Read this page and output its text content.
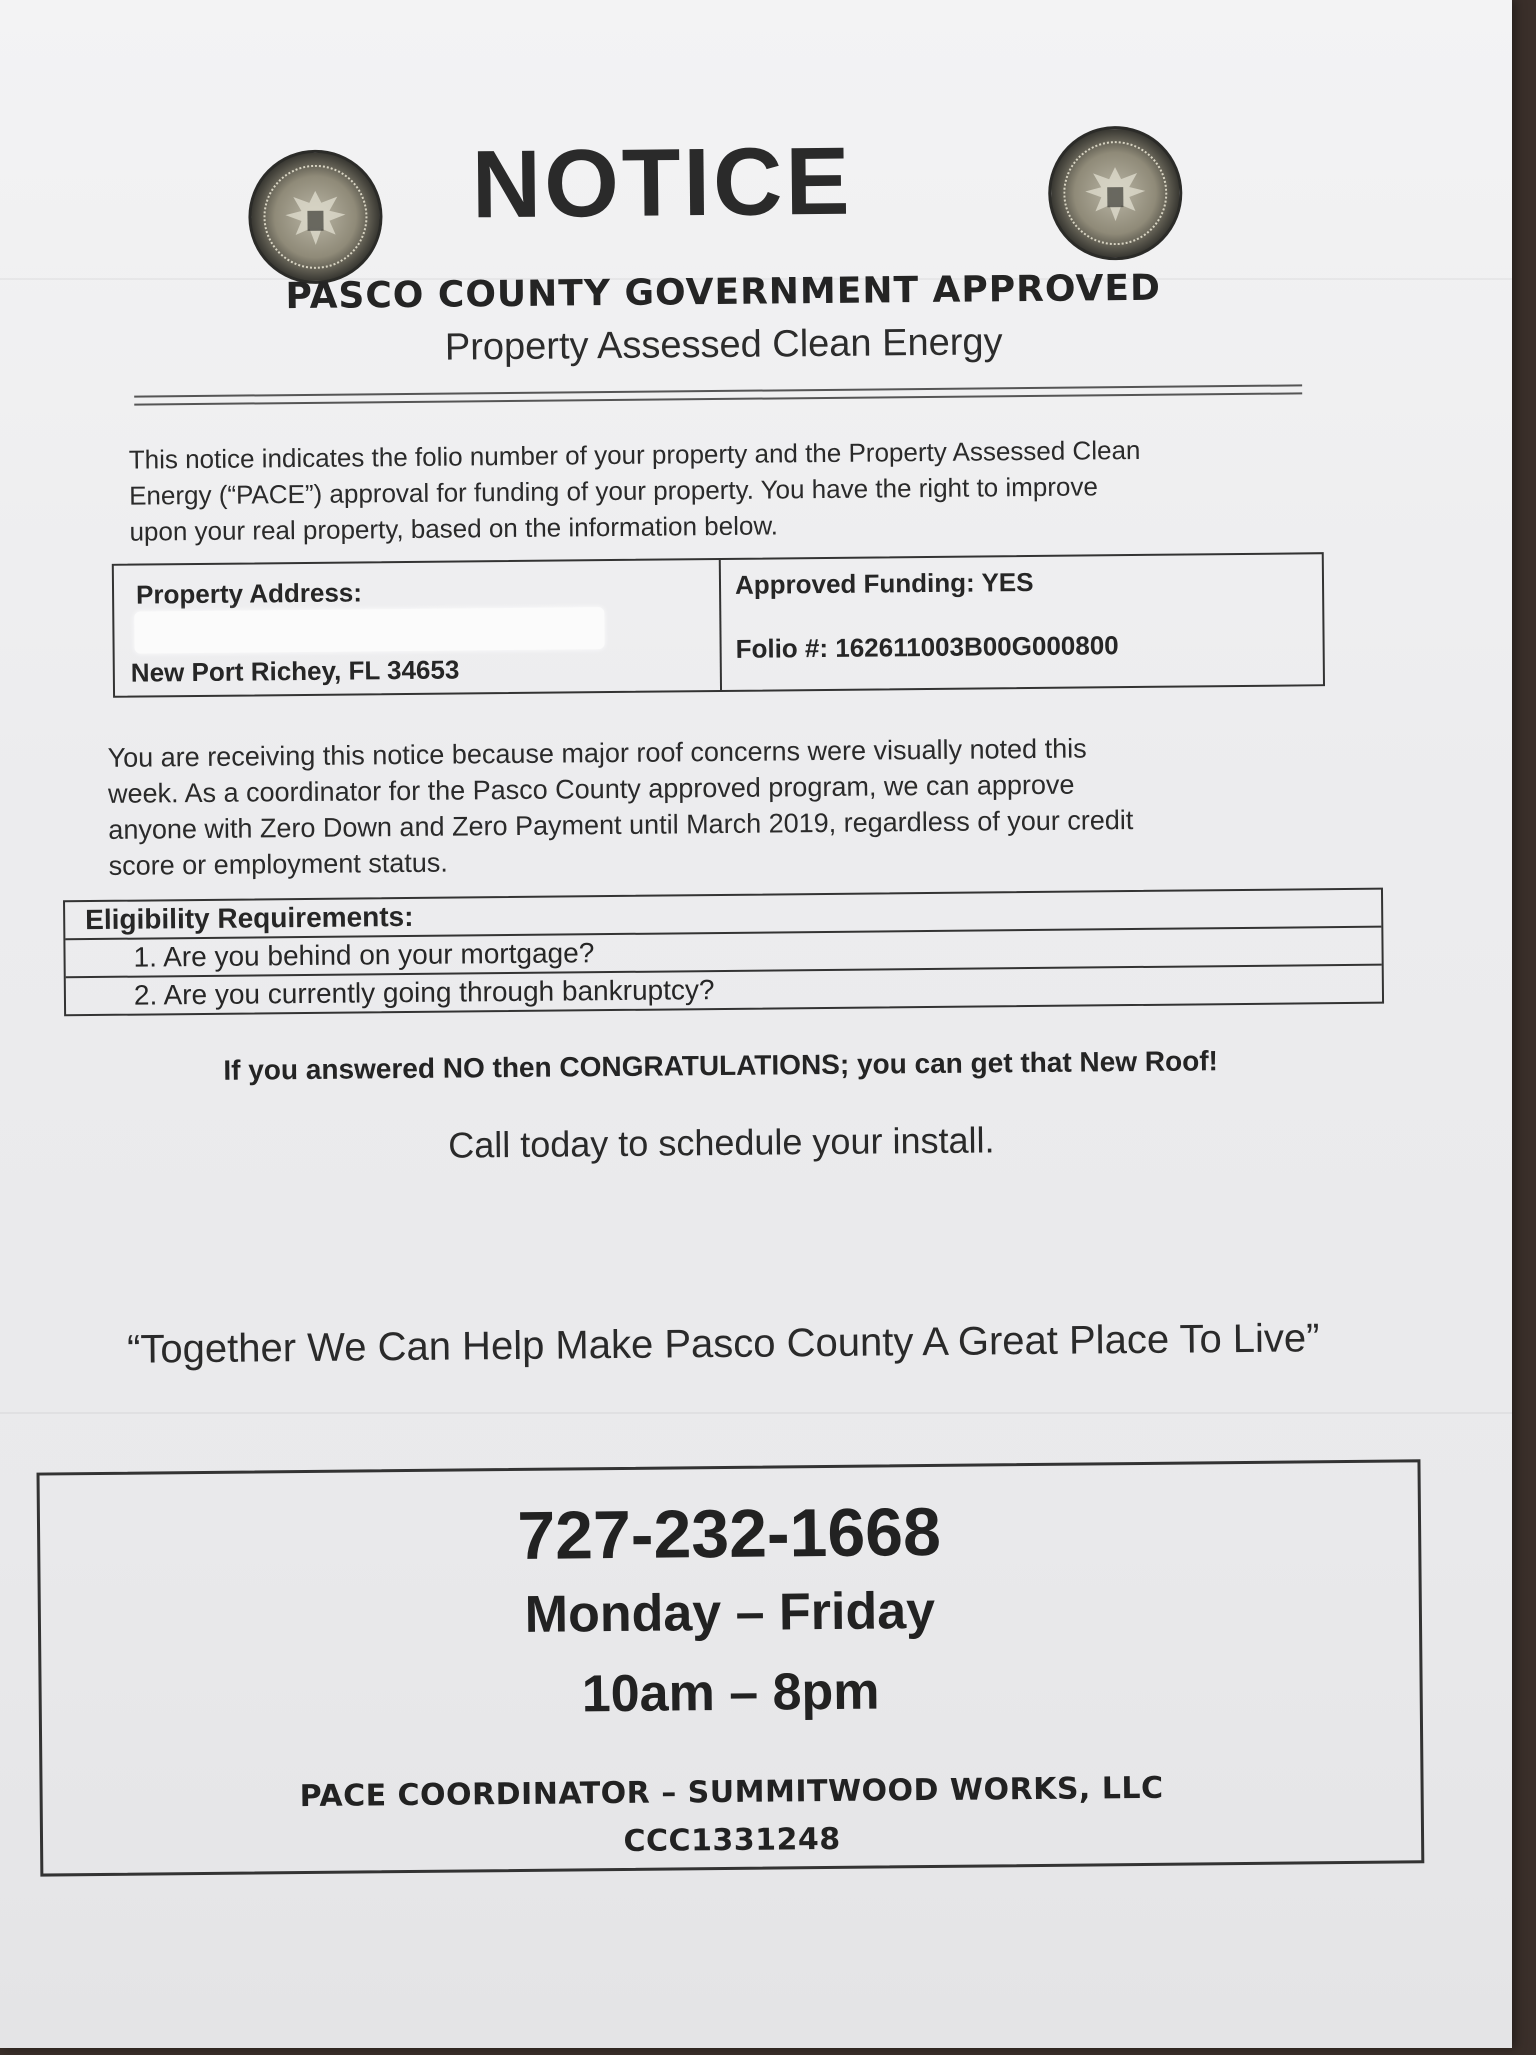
NOTICE
PASCO COUNTY GOVERNMENT APPROVED
Property Assessed Clean Energy
This notice indicates the folio number of your property and the Property Assessed Clean
Energy (“PACE”) approval for funding of your property. You have the right to improve
upon your real property, based on the information below.
Property Address:
New Port Richey, FL 34653
Approved Funding: YES
Folio #: 162611003B00G000800
You are receiving this notice because major roof concerns were visually noted this
week. As a coordinator for the Pasco County approved program, we can approve
anyone with Zero Down and Zero Payment until March 2019, regardless of your credit
score or employment status.
Eligibility Requirements:
1. Are you behind on your mortgage?
2. Are you currently going through bankruptcy?
If you answered NO then CONGRATULATIONS; you can get that New Roof!
Call today to schedule your install.
“Together We Can Help Make Pasco County A Great Place To Live”
727-232-1668
Monday – Friday
10am – 8pm
PACE COORDINATOR – SUMMITWOOD WORKS, LLC
CCC1331248
